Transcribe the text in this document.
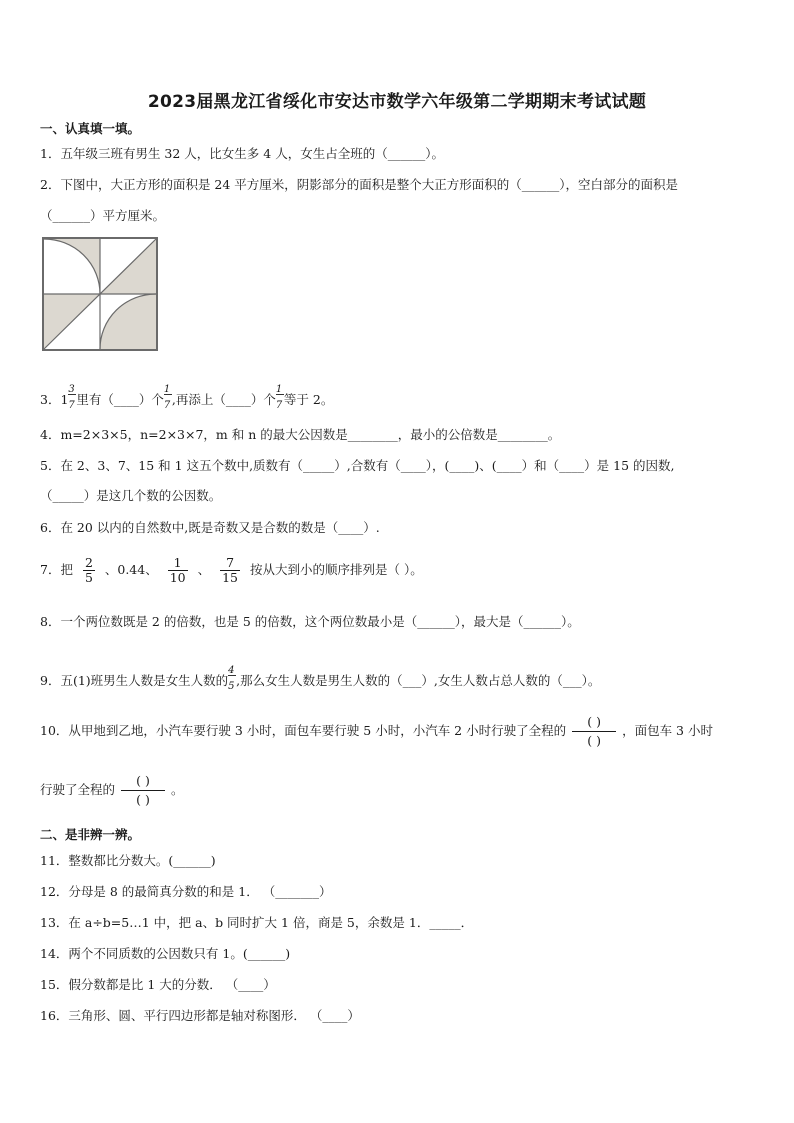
2023届黑龙江省绥化市安达市数学六年级第二学期期末考试试题
一、认真填一填。
1．五年级三班有男生 32 人，比女生多 4 人，女生占全班的（______）。
2．下图中，大正方形的面积是 24 平方厘米，阴影部分的面积是整个大正方形面积的（______），空白部分的面积是
（______）平方厘米。
3．1
$\frac{3}{7}$
里有（____）个
$\frac{1}{7}$
,再添上（____）个
$\frac{1}{7}$
等于 2。
4．m=2×3×5，n=2×3×7，m 和 n 的最大公因数是________，最小的公倍数是________。
5．在 2、3、7、15 和 1 这五个数中,质数有（_____）,合数有（____），(____)、(____）和（____）是 15 的因数,
（_____）是这几个数的公因数。
6．在 20 以内的自然数中,既是奇数又是合数的数是（____）.
7．把 $\frac{2}{5}$ 、0.44、 $\frac{1}{10}$ 、 $\frac{7}{15}$ 按从大到小的顺序排列是（ ）。
8．一个两位数既是 2 的倍数，也是 5 的倍数，这个两位数最小是（______），最大是（______）。
9．五(1)班男生人数是女生人数的
$\frac{4}{5}$
,那么女生人数是男生人数的（___）,女生人数占总人数的（___）。
10．从甲地到乙地，小汽车要行驶 3 小时，面包车要行驶 5 小时，小汽车 2 小时行驶了全程的
( )
( )
，面包车 3 小时
行驶了全程的
( )
( )
。
二、是非辨一辨。
11．整数都比分数大。(______)
12．分母是 8 的最简真分数的和是 1． （_______）
13．在 a÷b=5…1 中，把 a、b 同时扩大 1 倍，商是 5，余数是 1．_____．
14．两个不同质数的公因数只有 1。(______)
15．假分数都是比 1 大的分数． （____）
16．三角形、圆、平行四边形都是轴对称图形． （____）
